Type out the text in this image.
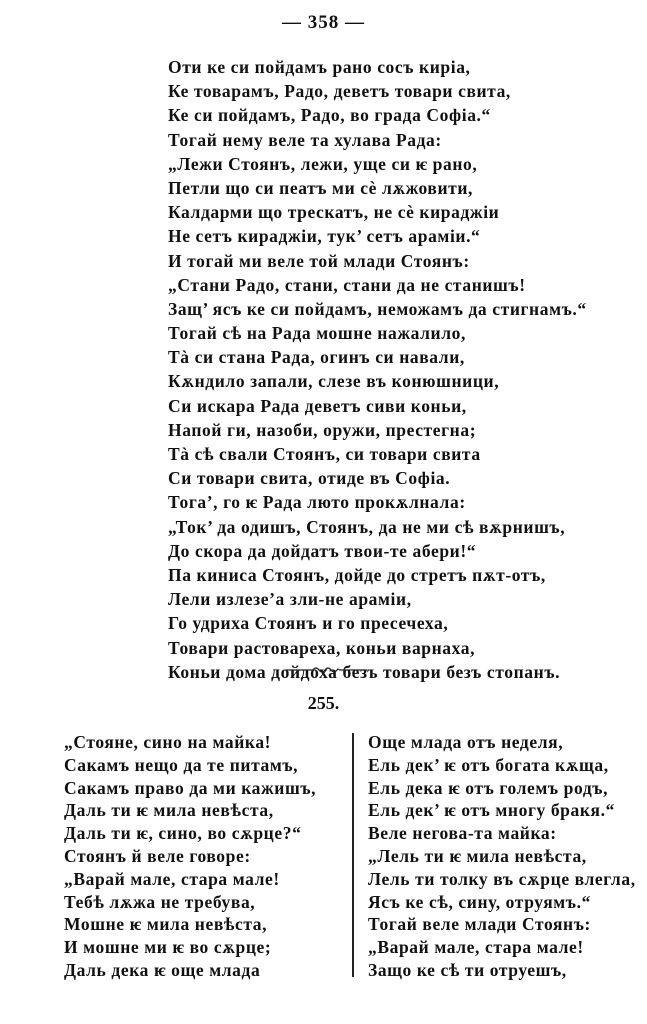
— 358 —
Оти ке си пойдамъ рано сосъ киріа,
Ке товарамъ, Радо, деветъ товари свита,
Ке си пойдамъ, Радо, во града Софіа.“
Тогай нему веле та хулава Рада:
„Лежи Стоянъ, лежи, уще си ѥ рано,
Петли що си пеатъ ми сѐ лѫжовити,
Калдарми що трескатъ, не сѐ кираджіи
Не сетъ кираджіи, тук’ сетъ арамiи.“
И тогай ми веле той млади Стоянъ:
„Стани Радо, стани, стани да не станишъ!
Защ’ ясъ ке си пойдамъ, неможамъ да стигнамъ.“
Тогай сѣ на Рада мошне нажалило,
Тà си стана Рада, огинъ си навали,
Кѫндило запали, слезе въ конюшници,
Си искара Рада деветъ сиви коньи,
Напой ги, назоби, оружи, престегна;
Тà сѣ свали Стоянъ, си товари свита
Си товари свита, отиде въ Софіа.
Тога’, го ѥ Рада люто прокѫлнала:
„Ток’ да одишъ, Стоянъ, да не ми сѣ вѫрнишъ,
До скора да дойдатъ твои-те абери!“
Па киниса Стоянъ, дойде до стретъ пѫт-отъ,
Лели излезе’а зли-не арамiи,
Го удриха Стоянъ и го пресечеха,
Товари растовареха, коньи варнаха,
Коньи дома дойдоха безъ товари безъ стопанъ.
255.
„Стояне, сино на майка!
Сакамъ нещо да те питамъ,
Сакамъ право да ми кажишъ,
Даль ти ѥ мила невѣста,
Даль ти ѥ, сино, во сѫрце?“
Стоянъ й веле говоре:
„Варай мале, стара мале!
Тебѣ лѫжа не требува,
Мошне ѥ мила невѣста,
И мошне ми ѥ во сѫрце;
Даль дека ѥ още млада
Още млада отъ неделя,
Ель дек’ ѥ отъ богата кѫща,
Ель дека ѥ отъ големъ родъ,
Ель дек’ ѥ отъ многу бракя.“
Веле негова-та майка:
„Лель ти ѥ мила невѣста,
Лель ти толку въ сѫрце влегла,
Ясъ ке сѣ, сину, отруямъ.“
Тогай веле млади Стоянъ:
„Варай мале, стара мале!
Защо ке сѣ ти отруешъ,
